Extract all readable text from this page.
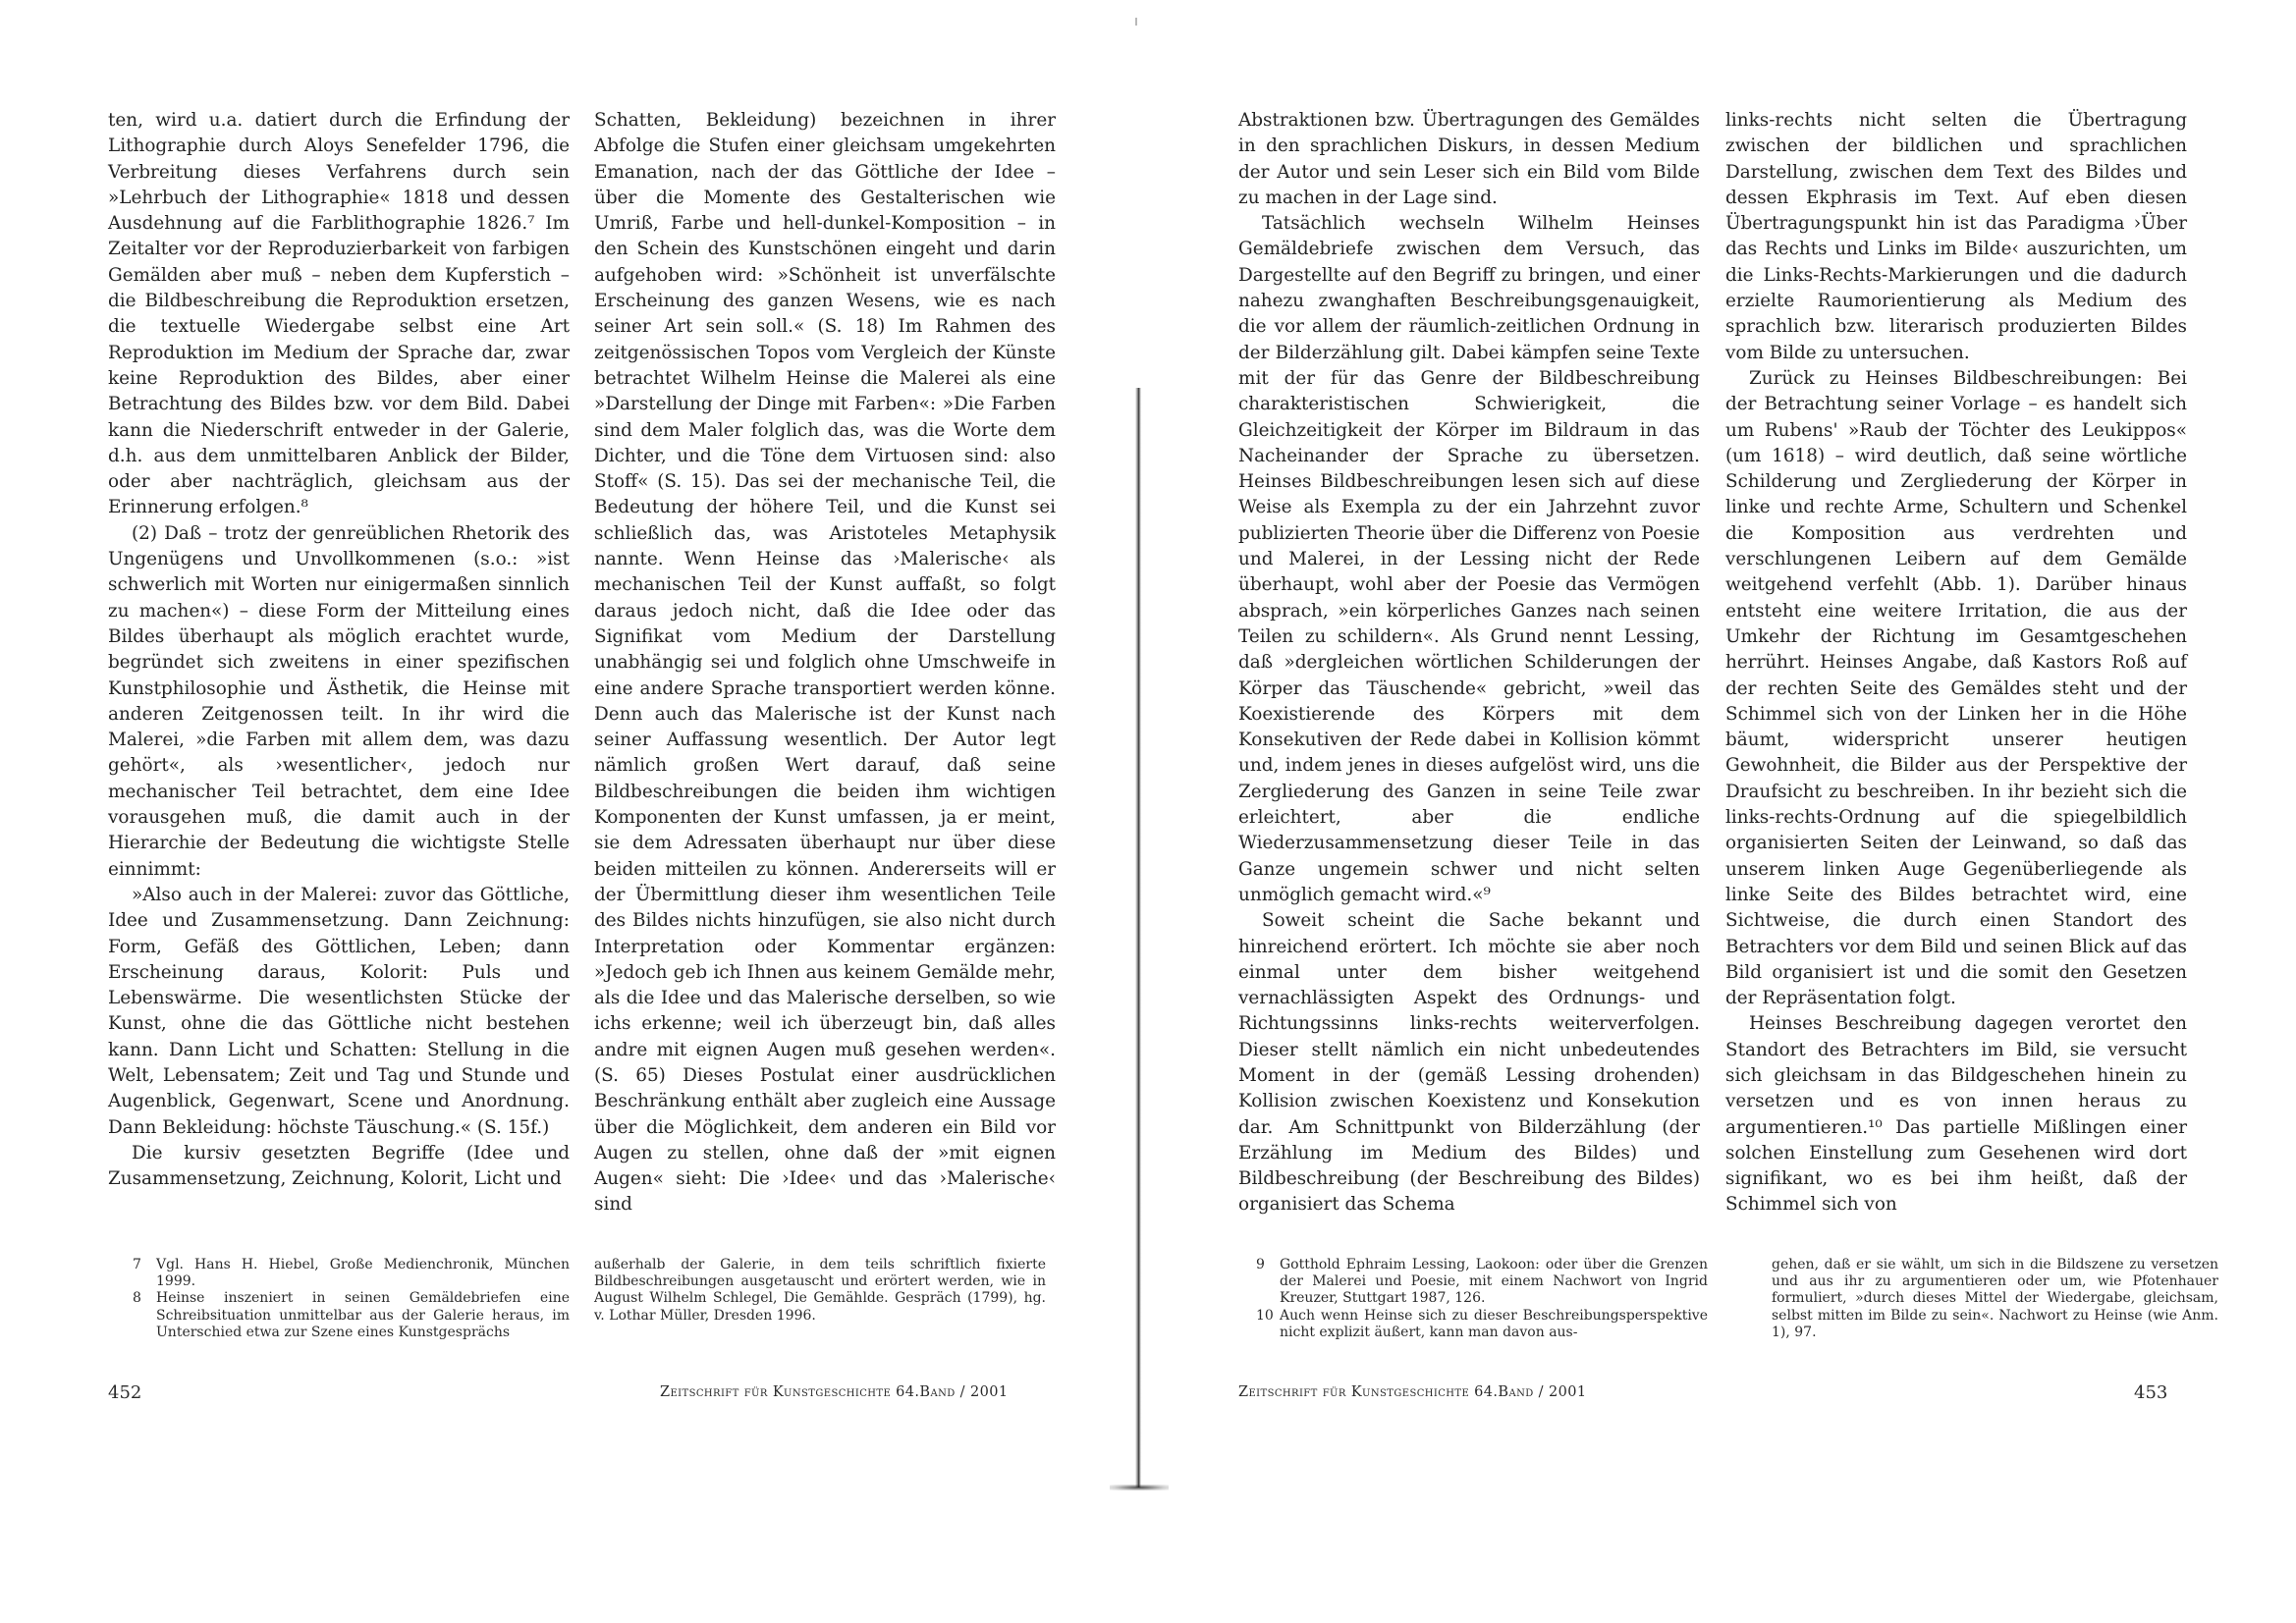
ten, wird u.a. datiert durch die Erfindung der Lithographie durch Aloys Senefelder 1796, die Verbreitung dieses Verfahrens durch sein »Lehrbuch der Lithographie« 1818 und dessen Ausdehnung auf die Farblithographie 1826.⁷ Im Zeitalter vor der Reproduzierbarkeit von farbigen Gemälden aber muß – neben dem Kupferstich – die Bildbeschreibung die Reproduktion ersetzen, die textuelle Wiedergabe selbst eine Art Reproduktion im Medium der Sprache dar, zwar keine Reproduktion des Bildes, aber einer Betrachtung des Bildes bzw. vor dem Bild. Dabei kann die Niederschrift entweder in der Galerie, d.h. aus dem unmittelbaren Anblick der Bilder, oder aber nachträglich, gleichsam aus der Erinnerung erfolgen.⁸

(2) Daß – trotz der genreüblichen Rhetorik des Ungenügens und Unvollkommenen (s.o.: »ist schwerlich mit Worten nur einigermaßen sinnlich zu machen«) – diese Form der Mitteilung eines Bildes überhaupt als möglich erachtet wurde, begründet sich zweitens in einer spezifischen Kunstphilosophie und Ästhetik, die Heinse mit anderen Zeitgenossen teilt. In ihr wird die Malerei, »die Farben mit allem dem, was dazu gehört«, als ›wesentlicher‹, jedoch nur mechanischer Teil betrachtet, dem eine Idee vorausgehen muß, die damit auch in der Hierarchie der Bedeutung die wichtigste Stelle einnimmt:

»Also auch in der Malerei: zuvor das Göttliche, Idee und Zusammensetzung. Dann Zeichnung: Form, Gefäß des Göttlichen, Leben; dann Erscheinung daraus, Kolorit: Puls und Lebenswärme. Die wesentlichsten Stücke der Kunst, ohne die das Göttliche nicht bestehen kann. Dann Licht und Schatten: Stellung in die Welt, Lebensatem; Zeit und Tag und Stunde und Augenblick, Gegenwart, Scene und Anordnung. Dann Bekleidung: höchste Täuschung.« (S. 15f.)

Die kursiv gesetzten Begriffe (Idee und Zusammensetzung, Zeichnung, Kolorit, Licht und

Schatten, Bekleidung) bezeichnen in ihrer Abfolge die Stufen einer gleichsam umgekehrten Emanation, nach der das Göttliche der Idee – über die Momente des Gestalterischen wie Umriß, Farbe und hell-dunkel-Komposition – in den Schein des Kunstschönen eingeht und darin aufgehoben wird: »Schönheit ist unverfälschte Erscheinung des ganzen Wesens, wie es nach seiner Art sein soll.« (S. 18) Im Rahmen des zeitgenössischen Topos vom Vergleich der Künste betrachtet Wilhelm Heinse die Malerei als eine »Darstellung der Dinge mit Farben«: »Die Farben sind dem Maler folglich das, was die Worte dem Dichter, und die Töne dem Virtuosen sind: also Stoff« (S. 15). Das sei der mechanische Teil, die Bedeutung der höhere Teil, und die Kunst sei schließlich das, was Aristoteles Metaphysik nannte. Wenn Heinse das ›Malerische‹ als mechanischen Teil der Kunst auffaßt, so folgt daraus jedoch nicht, daß die Idee oder das Signifikat vom Medium der Darstellung unabhängig sei und folglich ohne Umschweife in eine andere Sprache transportiert werden könne. Denn auch das Malerische ist der Kunst nach seiner Auffassung wesentlich. Der Autor legt nämlich großen Wert darauf, daß seine Bildbeschreibungen die beiden ihm wichtigen Komponenten der Kunst umfassen, ja er meint, sie dem Adressaten überhaupt nur über diese beiden mitteilen zu können. Andererseits will er der Übermittlung dieser ihm wesentlichen Teile des Bildes nichts hinzufügen, sie also nicht durch Interpretation oder Kommentar ergänzen: »Jedoch geb ich Ihnen aus keinem Gemälde mehr, als die Idee und das Malerische derselben, so wie ichs erkenne; weil ich überzeugt bin, daß alles andre mit eignen Augen muß gesehen werden«. (S. 65) Dieses Postulat einer ausdrücklichen Beschränkung enthält aber zugleich eine Aussage über die Möglichkeit, dem anderen ein Bild vor Augen zu stellen, ohne daß der »mit eignen Augen« sieht: Die ›Idee‹ und das ›Malerische‹ sind

7	Vgl. Hans H. Hiebel, Große Medienchronik, München 1999.
8	Heinse inszeniert in seinen Gemäldebriefen eine Schreibsituation unmittelbar aus der Galerie heraus, im Unterschied etwa zur Szene eines Kunstgesprächs
außerhalb der Galerie, in dem teils schriftlich fixierte Bildbeschreibungen ausgetauscht und erörtert werden, wie in August Wilhelm Schlegel, Die Gemählde. Gespräch (1799), hg. v. Lothar Müller, Dresden 1996.
452	Zeitschrift für Kunstgeschichte 64.Band / 2001

Abstraktionen bzw. Übertragungen des Gemäldes in den sprachlichen Diskurs, in dessen Medium der Autor und sein Leser sich ein Bild vom Bilde zu machen in der Lage sind.

Tatsächlich wechseln Wilhelm Heinses Gemäldebriefe zwischen dem Versuch, das Dargestellte auf den Begriff zu bringen, und einer nahezu zwanghaften Beschreibungsgenauigkeit, die vor allem der räumlich-zeitlichen Ordnung in der Bilderzählung gilt. Dabei kämpfen seine Texte mit der für das Genre der Bildbeschreibung charakteristischen Schwierigkeit, die Gleichzeitigkeit der Körper im Bildraum in das Nacheinander der Sprache zu übersetzen. Heinses Bildbeschreibungen lesen sich auf diese Weise als Exempla zu der ein Jahrzehnt zuvor publizierten Theorie über die Differenz von Poesie und Malerei, in der Lessing nicht der Rede überhaupt, wohl aber der Poesie das Vermögen absprach, »ein körperliches Ganzes nach seinen Teilen zu schildern«. Als Grund nennt Lessing, daß »dergleichen wörtlichen Schilderungen der Körper das Täuschende« gebricht, »weil das Koexistierende des Körpers mit dem Konsekutiven der Rede dabei in Kollision kömmt und, indem jenes in dieses aufgelöst wird, uns die Zergliederung des Ganzen in seine Teile zwar erleichtert, aber die endliche Wiederzusammensetzung dieser Teile in das Ganze ungemein schwer und nicht selten unmöglich gemacht wird.«⁹

Soweit scheint die Sache bekannt und hinreichend erörtert. Ich möchte sie aber noch einmal unter dem bisher weitgehend vernachlässigten Aspekt des Ordnungs- und Richtungssinns links-rechts weiterverfolgen. Dieser stellt nämlich ein nicht unbedeutendes Moment in der (gemäß Lessing drohenden) Kollision zwischen Koexistenz und Konsekution dar. Am Schnittpunkt von Bilderzählung (der Erzählung im Medium des Bildes) und Bildbeschreibung (der Beschreibung des Bildes) organisiert das Schema

links-rechts nicht selten die Übertragung zwischen der bildlichen und sprachlichen Darstellung, zwischen dem Text des Bildes und dessen Ekphrasis im Text. Auf eben diesen Übertragungspunkt hin ist das Paradigma ›Über das Rechts und Links im Bilde‹ auszurichten, um die Links-Rechts-Markierungen und die dadurch erzielte Raumorientierung als Medium des sprachlich bzw. literarisch produzierten Bildes vom Bilde zu untersuchen.

Zurück zu Heinses Bildbeschreibungen: Bei der Betrachtung seiner Vorlage – es handelt sich um Rubens' »Raub der Töchter des Leukippos« (um 1618) – wird deutlich, daß seine wörtliche Schilderung und Zergliederung der Körper in linke und rechte Arme, Schultern und Schenkel die Komposition aus verdrehten und verschlungenen Leibern auf dem Gemälde weitgehend verfehlt (Abb. 1). Darüber hinaus entsteht eine weitere Irritation, die aus der Umkehr der Richtung im Gesamtgeschehen herrührt. Heinses Angabe, daß Kastors Roß auf der rechten Seite des Gemäldes steht und der Schimmel sich von der Linken her in die Höhe bäumt, widerspricht unserer heutigen Gewohnheit, die Bilder aus der Perspektive der Draufsicht zu beschreiben. In ihr bezieht sich die links-rechts-Ordnung auf die spiegelbildlich organisierten Seiten der Leinwand, so daß das unserem linken Auge Gegenüberliegende als linke Seite des Bildes betrachtet wird, eine Sichtweise, die durch einen Standort des Betrachters vor dem Bild und seinen Blick auf das Bild organisiert ist und die somit den Gesetzen der Repräsentation folgt.

Heinses Beschreibung dagegen verortet den Standort des Betrachters im Bild, sie versucht sich gleichsam in das Bildgeschehen hinein zu versetzen und es von innen heraus zu argumentieren.¹⁰ Das partielle Mißlingen einer solchen Einstellung zum Gesehenen wird dort signifikant, wo es bei ihm heißt, daß der Schimmel sich von

9	Gotthold Ephraim Lessing, Laokoon: oder über die Grenzen der Malerei und Poesie, mit einem Nachwort von Ingrid Kreuzer, Stuttgart 1987, 126.
10 Auch wenn Heinse sich zu dieser Beschreibungsperspektive nicht explizit äußert, kann man davon aus-
gehen, daß er sie wählt, um sich in die Bildszene zu versetzen und aus ihr zu argumentieren oder um, wie Pfotenhauer formuliert, »durch dieses Mittel der Wiedergabe, gleichsam, selbst mitten im Bilde zu sein«. Nachwort zu Heinse (wie Anm. 1), 97.
Zeitschrift für Kunstgeschichte 64.Band / 2001	453
